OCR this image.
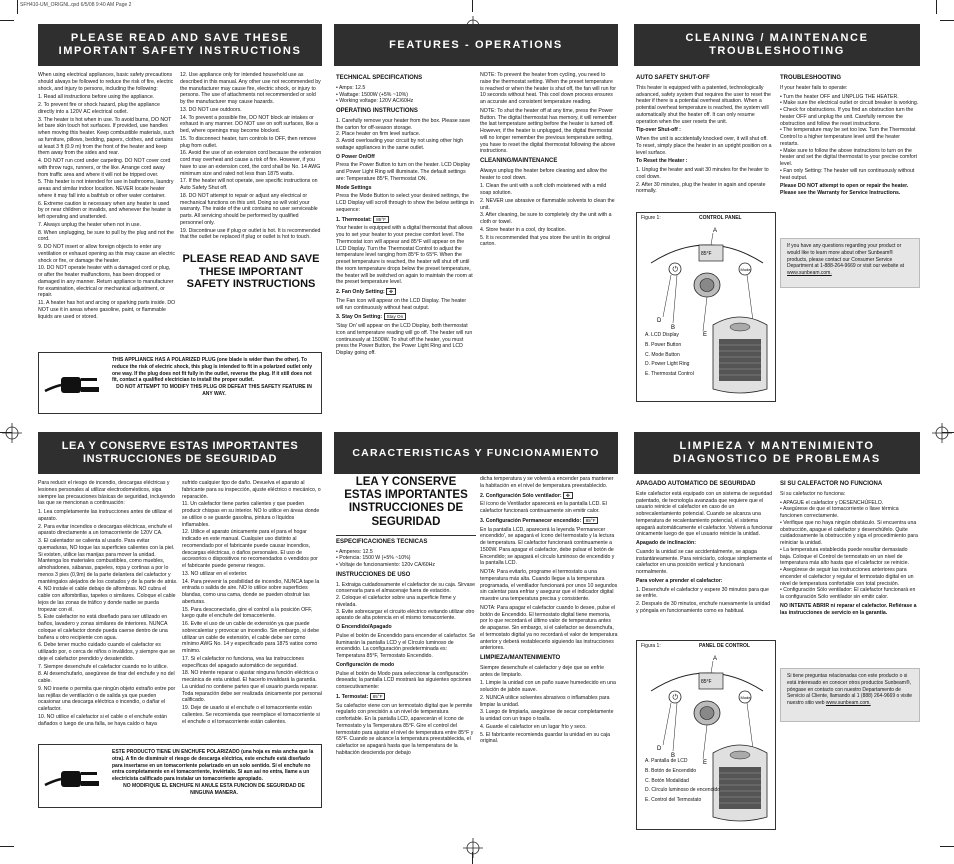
SFH410-UM_ORIGNL.qxd 6/5/08 9:40 AM Page 2
PLEASE READ AND SAVE THESE IMPORTANT SAFETY INSTRUCTIONS
FEATURES - OPERATIONS
CLEANING / MAINTENANCE TROUBLESHOOTING
LEA Y CONSERVE ESTAS IMPORTANTES INSTRUCCIONES DE SEGURIDAD
CARACTERISTICAS Y FUNCIONAMIENTO
LIMPIEZA Y MANTENIMIENTO DIAGNOSTICO DE PROBLEMAS

When using electrical appliances, basic safety precautions should always be followed to reduce the risk of fire, electric shock, and injury to persons, including the following:

1. Read all instructions before using the appliance.
2. To prevent fire or shock hazard, plug the appliance directly into a 120V AC electrical outlet.
3. The heater is hot when in use. To avoid burns, DO NOT let bare skin touch hot surfaces. If provided, use handles when moving this heater. Keep combustible materials, such as furniture, pillows, bedding, papers, clothes, and curtains at least 3 ft (0.9 m) from the front of the heater and keep them away from the sides and rear.
4. DO NOT run cord under carpeting. DO NOT cover cord with throw rugs, runners, or the like. Arrange cord away from traffic area and where it will not be tripped over.
5. This heater is not intended for use in bathrooms, laundry areas and similar indoor location. NEVER locate heater where it may fall into a bathtub or other water container.
6. Extreme caution is necessary when any heater is used by or near children or invalids, and whenever the heater is left operating and unattended.
7. Always unplug the heater when not in use.
8. When unplugging, be sure to pull by the plug and not the cord.
9. DO NOT insert or allow foreign objects to enter any ventilation or exhaust opening as this may cause an electric shock or fire, or damage the heater.
10. DO NOT operate heater with a damaged cord or plug, or after the heater malfunctions, has been dropped or damaged in any manner. Return appliance to manufacturer for examination, electrical or mechanical adjustment, or repair.
11. A heater has hot and arcing or sparking parts inside. DO NOT use it in areas where gasoline, paint, or flammable liquids are used or stored.
12. Use appliance only for intended household use as described in this manual. Any other use not recommended by the manufacturer may cause fire, electric shock, or injury to persons. The use of attachments not recommended or sold by the manufacturer may cause hazards.
13. DO NOT use outdoors.
14. To prevent a possible fire, DO NOT block air intakes or exhaust in any manner. DO NOT use on soft surfaces, like a bed, where openings may become blocked.
15. To disconnect heater, turn controls to OFF, then remove plug from outlet.
16. Avoid the use of an extension cord because the extension cord may overheat and cause a risk of fire. However, if you have to use an extension cord, the cord shall be No. 14 AWG minimum size and rated not less than 1875 watts.
17. If the heater will not operate, see specific instructions on Auto Safety Shut off.
18. DO NOT attempt to repair or adjust any electrical or mechanical functions on this unit. Doing so will void your warranty. The inside of the unit contains no user serviceable parts. All servicing should be performed by qualified personnel only.
19. Discontinue use if plug or outlet is hot. It is recommended that the outlet be replaced if plug or outlet is hot to touch.
PLEASE READ AND SAVE THESE IMPORTANT SAFETY INSTRUCTIONS
THIS APPLIANCE HAS A POLARIZED PLUG (one blade is wider than the other). To reduce the risk of electric shock, this plug is intended to fit in a polarized outlet only one way. If the plug does not fit fully in the outlet, reverse the plug. If it still does not fit, contact a qualified electrician to install the proper outlet.
DO NOT ATTEMPT TO MODIFY THIS PLUG OR DEFEAT THIS SAFETY FEATURE IN ANY WAY.
TECHNICAL SPECIFICATIONS
• Amps: 12.5
• Wattage: 1500W (+5% ~10%)
• Working voltage: 120V AC/60Hz
OPERATING INSTRUCTIONS
1. Carefully remove your heater from the box. Please save the carton for off-season storage.
2. Place heater on firm level surface.
3. Avoid overloading your circuit by not using other high wattage appliances in the same outlet.

⏻ Power On/Off

Press the Power Button to turn on the heater. LCD Display and Power Light Ring will illuminate. The default settings are: Temperature 85°F, Thermostat ON.

Mode Settings

Press the Mode Button to select your desired settings, the LCD Display will scroll through to show the below settings in sequence:

1. Thermostat: 85°F

Your heater is equipped with a digital thermostat that allows you to set your heater to your precise comfort level. The Thermostat icon will appear and 85°F will appear on the LCD Display. Turn the Thermostat Control to adjust the temperature level ranging from 85°F to 65°F. When the preset temperature is reached, the heater will shut off until the room temperature drops below the preset temperature, the heater will be switched on again to maintain the room at the preset temperature level.

2. Fan Only Setting: ✤

The Fan icon will appear on the LCD Display. The heater will run continuously without heat output.

3. Stay On Setting: Stay On

'Stay On' will appear on the LCD Display, both thermostat icon and temperature reading will go off. The heater will run continuously at 1500W. To shut off the heater, you must press the Power Button, the Power Light Ring and LCD Display going off.

NOTE: To prevent the heater from cycling, you need to raise the thermostat setting. When the preset temperature is reached or when the heater is shut off, the fan will run for 10 seconds without heat. This cool down process ensures an accurate and consistent temperature reading.

NOTE: To shut the heater off at any time, press the Power Button. The digital thermostat has memory, it will remember the last temperature setting before the heater is turned off. However, if the heater is unplugged, the digital thermostat will no longer remember the previous temperature setting, you have to reset the digital thermostat following the above instructions.

CLEANING/MAINTENANCE

Always unplug the heater before cleaning and allow the heater to cool down.

1. Clean the unit with a soft cloth moistened with a mild soap solution.
2. NEVER use abrasive or flammable solvents to clean the unit.
3. After cleaning, be sure to completely dry the unit with a cloth or towel.
4. Store heater in a cool, dry location.
5. It is recommended that you store the unit in its original carton.
AUTO SAFETY SHUT-OFF

This heater is equipped with a patented, technologically advanced, safety system that requires the user to reset the heater if there is a potential overheat situation. When a potential overheat temperature is reached, the system will automatically shut the heater off. It can only resume operation when the user resets the unit.

Tip-over Shut-off :

When the unit is accidentally knocked over, it will shut off. To reset, simply place the heater in an upright position on a level surface.

To Reset the Heater :

1. Unplug the heater and wait 30 minutes for the heater to cool down.
2. After 30 minutes, plug the heater in again and operate normally.
TROUBLESHOOTING

If your heater fails to operate:

• Turn the heater OFF and UNPLUG THE HEATER.
• Make sure the electrical outlet or circuit breaker is working.
• Check for obstructions. If you find an obstruction turn the heater OFF and unplug the unit. Carefully remove the obstruction and follow the reset instructions.
• The temperature may be set too low. Turn the Thermostat Control to a higher temperature level until the heater restarts.
• Make sure to follow the above instructions to turn on the heater and set the digital thermostat to your precise comfort level.
• Fan only Setting: The heater will run continuously without heat output.

Please DO NOT attempt to open or repair the heater. Please see the Warranty for Service Instructions.

Figure 1:	CONTROL PANEL
85°F
⏻	Mode
A
D
B
E
A. LCD Display
B. Power Button
C. Mode Button
D. Power Light Ring
E. Thermostat Control
If you have any questions regarding your product or would like to learn more about other Sunbeam® products, please contact our Consumer Service Department at 1-888-264-9669 or visit our website at www.sunbeam.com.

Para reducir el riesgo de incendio, descargas eléctricas y lesiones personales al utilizar electrodomésticos, siga siempre las precauciones básicas de seguridad, incluyendo las que se mencionan a continuación:

1. Lea completamente las instrucciones antes de utilizar el aparato.
2. Para evitar incendios o descargas eléctricas, enchufe el aparato directamente a un tomacorriente de 120V CA.
3. El calentador se calienta al usarlo. Para evitar quemaduras, NO toque las superficies calientes con la piel. Si existen, utilice las manijas para mover la unidad. Mantenga los materiales combustibles, como muebles, almohadones, sábanas, papeles, ropa y cortinas a por lo menos 3 pies (0,9m) de la parte delantera del calefactor y manténgalos alejados de los costados y de la parte de atrás.
4. NO instale el cable debajo de alfombras. NO cubra el cable con alfombrillas, tapetes o similares. Coloque el cable lejos de las zonas de tráfico y donde nadie se pueda tropezar con él.
5. Este calefactor no está diseñado para ser utilizado en baños, lavadero y zonas similares de interiores. NUNCA coloque el calefactor donde pueda caerse dentro de una bañera u otro recipiente con agua.
6. Debe tener mucho cuidado cuando el calefactor es utilizado por, o cerca de niños o inválidos, y siempre que se deje el calefactor prendido y desatendido.
7. Siempre desenchufe el calefactor cuando no lo utilice.
8. Al desenchufarlo, asegúrese de tirar del enchufe y no del cable.
9. NO inserte o permita que ningún objeto extraño entre por las rejillas de ventilación o de salida ya que pueden ocasionar una descarga eléctrica o incendio, o dañar el calefactor.
10. NO utilice el calefactor si el cable o el enchufe están dañados o luego de una falla, se haya caído o haya
sufrido cualquier tipo de daño. Devuelva el aparato al fabricante para su inspección, ajuste eléctrico o mecánico, o reparación.
11. Un calefactor tiene partes calientes y que pueden producir chispas en su interior. NO lo utilice en áreas donde se utilice o se guarde gasolina, pintura o líquidos inflamables.
12. Utilice el aparato únicamente para el para el hogar indicado en este manual. Cualquier uso distinto al recomendado por el fabricante puede causar incendios, descargas eléctricas, o daños personales. El uso de accesorios o dispositivos no recomendados o vendidos por el fabricante puede generar riesgos.
13. NO utilizar en el exterior.
14. Para prevenir la posibilidad de incendio, NUNCA tape la entrada o salida de aire. NO lo utilice sobre superficies blandas, como una cama, donde se pueden obstruir las aberturas.
15. Para desconectarlo, gire el control a la posición OFF, luego quite el enchufe del tomacorriente.
16. Evite el uso de un cable de extensión ya que puede sobrecalentar y provocar un incendio. Sin embargo, si debe utilizar un cable de extensión, el cable debe ser como mínimo AWG No. 14 y especificado para 1875 vatios como mínimo.
17. Si el calefactor no funciona, vea las instrucciones específicas del apagado automático de seguridad.
18. NO intente reparar o ajustar ninguna función eléctrica o mecánica de esta unidad. El hacerlo invalidará la garantía. La unidad no contiene partes que el usuario pueda reparar. Toda reparación debe ser realizada únicamente por personal calificado.
19. Deje de usarlo si el enchufe o el tomacorriente están calientes. Se recomienda que reemplace el tomacorriente si el enchufe o el tomacorriente están calientes.
ESTE PRODUCTO TIENE UN ENCHUFE POLARIZADO (una hoja es más ancha que la otra). A fin de disminuir el riesgo de descarga eléctrica, este enchufe está diseñado para insertarse en un tomacorriente polarizado en un solo sentido. Si el enchufe no entra completamente en el tomacorriente, inviértalo. Si aun así no entra, llame a un electricista calificado para instalar un tomacorriente apropiado.
NO MODIFIQUE EL ENCHUFE NI ANULE ESTA FUNCION DE SEGURIDAD DE NINGUNA MANERA.
LEA Y CONSERVE ESTAS IMPORTANTES INSTRUCCIONES DE SEGURIDAD
ESPECIFICACIONES TECNICAS
• Amperes: 12.5
• Potencia: 1500 W (+5% ~10%)
• Voltaje de funcionamiento: 120v CA/60Hz
INSTRUCCIONES DE USO
1. Extraiga cuidadosamente el calefactor de su caja. Sirvase conservarla para el almacenaje fuera de estación.
2. Coloque el calefactor sobre una superficie firme y nivelada.
3. Evite sobrecargar el circuito eléctrico evitando utilizar otro aparato de alta potencia en el mismo tomacorriente.

⏻ Encendido/Apagado

Pulse el botón de Encendido para encender el calefactor. Se iluminarán la pantalla LCD y el Círculo luminoso de encendido. La configuración predeterminada es: Temperatura 85°F, Termostato Encendido.

Configuración de modo

Pulse el botón de Modo para seleccionar la configuración deseada; la pantalla LCD mostrará las siguientes opciones consecutivamente:

1. Termostat: 85°F

Su calefactor viene con un termostato digital que le permite regularlo con precisión a un nivel de temperatura confortable. En la pantalla LCD, aparecerán el ícono de Termostato y la Temperatura 85°F. Gire el control del termostato para ajustar el nivel de temperatura entre 85°F y 65°F. Cuando se alcance la temperatura preestablecida, el calefactor se apagará hasta que la temperatura de la habitación descienda por debajo

dicha temperatura y se volverá a encender para mantener la habitación en el nivel de temperatura preestablecido.

2. Configuración Sólo ventilador: ✤

El ícono de Ventilador aparecerá en la pantalla LCD. El calefactor funcionará continuamente sin emitir calor.

3. Configuración Permanecer encendido: 85°F

En la pantalla LCD, aparecerá la leyenda 'Permanecer encendido', se apagará el ícono del termostato y la lectura de temperatura. El calefactor funcionará continuamente a 1500W. Para apagar el calefactor, debe pulsar el botón de Encendido; se apagará el círculo luminoso de encendido y la pantalla LCD.

NOTA: Para evitarlo, programe el termostato a una temperatura más alta. Cuando llegue a la temperatura programada, el ventilador funcionará por unos 10 segundos sin calentar para enfriar y asegurar que el indicador digital muestre una temperatura precisa y consistente.

NOTA: Para apagar el calefactor cuando lo desee, pulse el botón de Encendido. El termostato digital tiene memoria, por lo que recordará el último valor de temperatura antes de apagarse. Sin embargo, si el calefactor se desenchufa, el termostato digital ya no recordará el valor de temperatura anterior y deberá restablecerlo siguiendo las instrucciones anteriores.

LIMPIEZA/MANTENIMIENTO

Siempre desenchufe el calefactor y deje que se enfríe antes de limpiarlo.

1. Limpie la unidad con un paño suave humedecido en una solución de jabón suave.
2. NUNCA utilice solventes abrasivos o inflamables para limpiar la unidad.
3. Luego de limpiarla, asegúrese de secar completamente la unidad con un trapo o toalla.
4. Guarde el calefactor en un lugar frío y seco.
5. El fabricante recomienda guardar la unidad en su caja original.
APAGADO AUTOMATICO DE SEGURIDAD

Este calefactor está equipado con un sistema de seguridad patentado, de tecnología avanzada que requiere que el usuario reinicie el calefactor en caso de un sobrecalentamiento potencial. Cuando se alcanza una temperatura de recalentamiento potencial, el sistema apagará automáticamente el calefactor. Volverá a funcionar únicamente luego de que el usuario reinicie la unidad.

Apagado de inclinación:

Cuando la unidad se cae accidentalmente, se apaga instantáneamente. Para reiniciarlo, coloque simplemente el calefactor en una posición vertical y funcionará normalmente.

Para volver a prender el calefactor:

1. Desenchufe el calefactor y espere 30 minutos para que se enfríe.
2. Después de 30 minutos, enchufe nuevamente la unidad y póngala en funcionamiento como es habitual.
SI SU CALEFACTOR NO FUNCIONA

Si su calefactor no funciona:

• APAGUE el calefactor y DESENCHÚFELO.
• Asegúrese de que el tomacorriente o llave térmica funcionen correctamente.
• Verifique que no haya ningún obstáculo. Si encuentra una obstrucción, apague el calefactor y desenchúfelo. Quite cuidadosamente la obstrucción y siga el procedimiento para reiniciar la unidad.
• La temperatura establecida puede resultar demasiado baja. Coloque el Control de termostato en un nivel de temperatura más alto hasta que el calefactor se reinicie.
• Asegúrese de seguir las instrucciones anteriores para encender el calefactor y regular el termostato digital en un nivel de temperatura confortable con total precisión.
• Configuración Sólo ventilador: El calefactor funcionará en la configuración Sólo ventilador sin emitir calor.

NO INTENTE ABRIR ni reparar el calefactor. Refiérase a las instrucciones de servicio en la garantía.

Figura 1:	PANEL DE CONTROL
85°F
⏻	Mode
A
D
B
E
A. Pantalla de LCD
B. Botón de Encendido
C. Botón Modalidad
D. Círculo luminoso de encendido
E. Control del Termostato
Si tiene preguntas relacionadas con este producto o si está interesado en conocer otros productos Sunbeam®, póngase en contacto con nuestro Departamento de Servicio al Cliente, llamando al 1 (888) 264-9669 o visite nuestro sitio web www.sunbeam.com.
